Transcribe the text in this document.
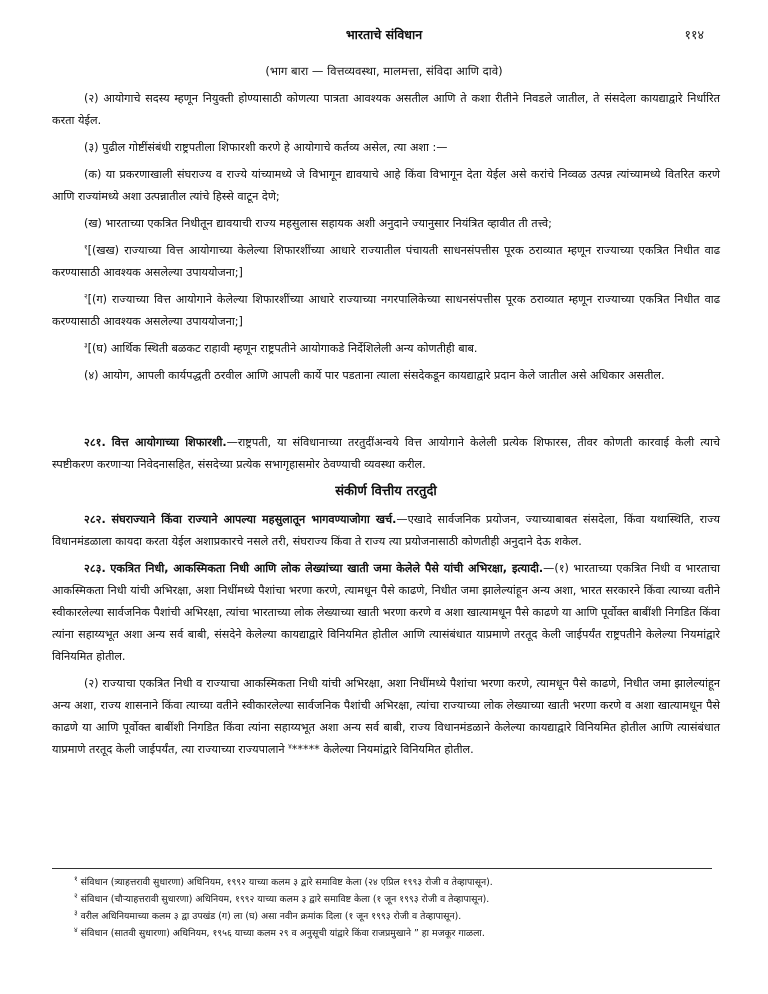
भारताचे संविधान	११४
(भाग बारा — वित्तव्यवस्था, मालमत्ता, संविदा आणि दावे)

(२) आयोगाचे सदस्य म्हणून नियुक्ती होण्यासाठी कोणत्या पात्रता आवश्यक असतील आणि ते कशा रीतीने निवडले जातील, ते संसदेला कायद्याद्वारे निर्धारित करता येईल.

(३) पुढील गोष्टींसंबंधी राष्ट्रपतीला शिफारशी करणे हे आयोगाचे कर्तव्य असेल, त्या अशा :—

(क) या प्रकरणाखाली संघराज्य व राज्ये यांच्यामध्ये जे विभागून द्यावयाचे आहे किंवा विभागून देता येईल असे करांचे निव्वळ उत्पन्न त्यांच्यामध्ये वितरित करणे आणि राज्यांमध्ये अशा उत्पन्नातील त्यांचे हिस्से वाटून देणे;

(ख) भारताच्या एकत्रित निधीतून द्यावयाची राज्य महसुलास सहायक अशी अनुदाने ज्यानुसार नियंत्रित व्हावीत ती तत्त्वे;

$^१$[(खख) राज्याच्या वित्त आयोगाच्या केलेल्या शिफारशींच्या आधारे राज्यातील पंचायती साधनसंपत्तीस पूरक ठराव्यात म्हणून राज्याच्या एकत्रित निधीत वाढ करण्यासाठी आवश्यक असलेल्या उपाययोजना;]

$^२$[(ग) राज्याच्या वित्त आयोगाने केलेल्या शिफारशींच्या आधारे राज्याच्या नगरपालिकेच्या साधनसंपत्तीस पूरक ठराव्यात म्हणून राज्याच्या एकत्रित निधीत वाढ करण्यासाठी आवश्यक असलेल्या उपाययोजना;]

$^३$[(घ) आर्थिक स्थिती बळकट राहावी म्हणून राष्ट्रपतीने आयोगाकडे निर्देशिलेली अन्य कोणतीही बाब.

(४) आयोग, आपली कार्यपद्धती ठरवील आणि आपली कार्ये पार पडताना त्याला संसदेकडून कायद्याद्वारे प्रदान केले जातील असे अधिकार असतील.

२८१. वित्त आयोगाच्या शिफारशी.—राष्ट्रपती, या संविधानाच्या तरतुदींअन्वये वित्त आयोगाने केलेली प्रत्येक शिफारस, तीवर कोणती कारवाई केली त्याचे स्पष्टीकरण करणाऱ्या निवेदनासहित, संसदेच्या प्रत्येक सभागृहासमोर ठेवण्याची व्यवस्था करील.

संकीर्ण वित्तीय तरतुदी

२८२. संघराज्याने किंवा राज्याने आपल्या महसुलातून भागवण्याजोगा खर्च.—एखादे सार्वजनिक प्रयोजन, ज्याच्याबाबत संसदेला, किंवा यथास्थिति, राज्य विधानमंडळाला कायदा करता येईल अशाप्रकारचे नसले तरी, संघराज्य किंवा ते राज्य त्या प्रयोजनासाठी कोणतीही अनुदाने देऊ शकेल.

२८३. एकत्रित निधी, आकस्मिकता निधी आणि लोक लेख्यांच्या खाती जमा केलेले पैसे यांची अभिरक्षा, इत्यादी.—(१) भारताच्या एकत्रित निधी व भारताचा आकस्मिकता निधी यांची अभिरक्षा, अशा निधींमध्ये पैशांचा भरणा करणे, त्यामधून पैसे काढणे, निधीत जमा झालेल्यांहून अन्य अशा, भारत सरकारने किंवा त्याच्या वतीने स्वीकारलेल्या सार्वजनिक पैशांची अभिरक्षा, त्यांचा भारताच्या लोक लेख्याच्या खाती भरणा करणे व अशा खात्यामधून पैसे काढणे या आणि पूर्वोक्त बाबींशी निगडित किंवा त्यांना सहाय्यभूत अशा अन्य सर्व बाबी, संसदेने केलेल्या कायद्याद्वारे विनियमित होतील आणि त्यासंबंधात याप्रमाणे तरतूद केली जाईपर्यंत राष्ट्रपतीने केलेल्या नियमांद्वारे विनियमित होतील.

(२) राज्याचा एकत्रित निधी व राज्याचा आकस्मिकता निधी यांची अभिरक्षा, अशा निधींमध्ये पैशांचा भरणा करणे, त्यामधून पैसे काढणे, निधीत जमा झालेल्यांहून अन्य अशा, राज्य शासनाने किंवा त्याच्या वतीने स्वीकारलेल्या सार्वजनिक पैशांची अभिरक्षा, त्यांचा राज्याच्या लोक लेख्याच्या खाती भरणा करणे व अशा खात्यामधून पैसे काढणे या आणि पूर्वोक्त बाबींशी निगडित किंवा त्यांना सहाय्यभूत अशा अन्य सर्व बाबी, राज्य विधानमंडळाने केलेल्या कायद्याद्वारे विनियमित होतील आणि त्यासंबंधात याप्रमाणे तरतूद केली जाईपर्यंत, त्या राज्याच्या राज्यपालाने $^४$***** केलेल्या नियमांद्वारे विनियमित होतील.

$^१$ संविधान (त्र्याहत्तरावी सुधारणा) अधिनियम, १९९२ याच्या कलम ३ द्वारे समाविष्ट केला (२४ एप्रिल १९९३ रोजी व तेव्हापासून).
$^२$ संविधान (चौऱ्याहत्तरावी सुधारणा) अधिनियम, १९९२ याच्या कलम ३ द्वारे समाविष्ट केला (१ जून १९९३ रोजी व तेव्हापासून).
$^३$ वरील अधिनियमाच्या कलम ३ द्वा उपखंड (ग) ला (घ) असा नवीन क्रमांक दिला (१ जून १९९३ रोजी व तेव्हापासून).
$^४$ संविधान (सातवी सुधारणा) अधिनियम, १९५६ याच्या कलम २९ व अनुसूची यांद्वारे किंवा राजप्रमुखाने ” हा मजकूर गाळला.
